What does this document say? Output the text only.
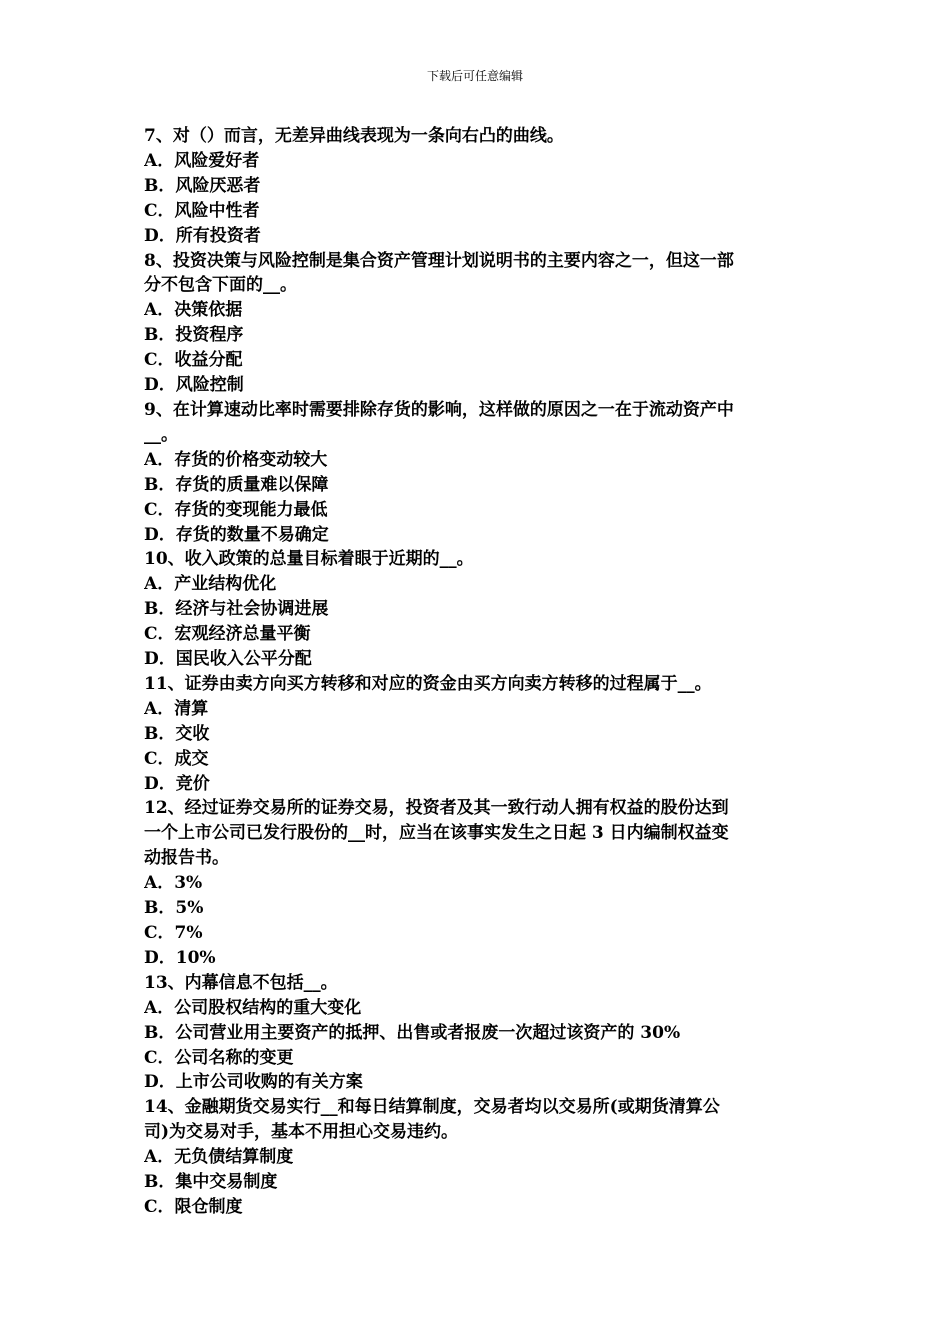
下载后可任意编辑
7、对（）而言，无差异曲线表现为一条向右凸的曲线。
A．风险爱好者
B．风险厌恶者
C．风险中性者
D．所有投资者
8、投资决策与风险控制是集合资产管理计划说明书的主要内容之一，但这一部
分不包含下面的__。
A．决策依据
B．投资程序
C．收益分配
D．风险控制
9、在计算速动比率时需要排除存货的影响，这样做的原因之一在于流动资产中
__。
A．存货的价格变动较大
B．存货的质量难以保障
C．存货的变现能力最低
D．存货的数量不易确定
10、收入政策的总量目标着眼于近期的__。
A．产业结构优化
B．经济与社会协调进展
C．宏观经济总量平衡
D．国民收入公平分配
11、证券由卖方向买方转移和对应的资金由买方向卖方转移的过程属于__。
A．清算
B．交收
C．成交
D．竞价
12、经过证券交易所的证券交易，投资者及其一致行动人拥有权益的股份达到
一个上市公司已发行股份的__时，应当在该事实发生之日起 3 日内编制权益变
动报告书。
A．3%
B．5%
C．7%
D．10%
13、内幕信息不包括__。
A．公司股权结构的重大变化
B．公司营业用主要资产的抵押、出售或者报废一次超过该资产的 30%
C．公司名称的变更
D．上市公司收购的有关方案
14、金融期货交易实行__和每日结算制度，交易者均以交易所(或期货清算公
司)为交易对手，基本不用担心交易违约。
A．无负债结算制度
B．集中交易制度
C．限仓制度
